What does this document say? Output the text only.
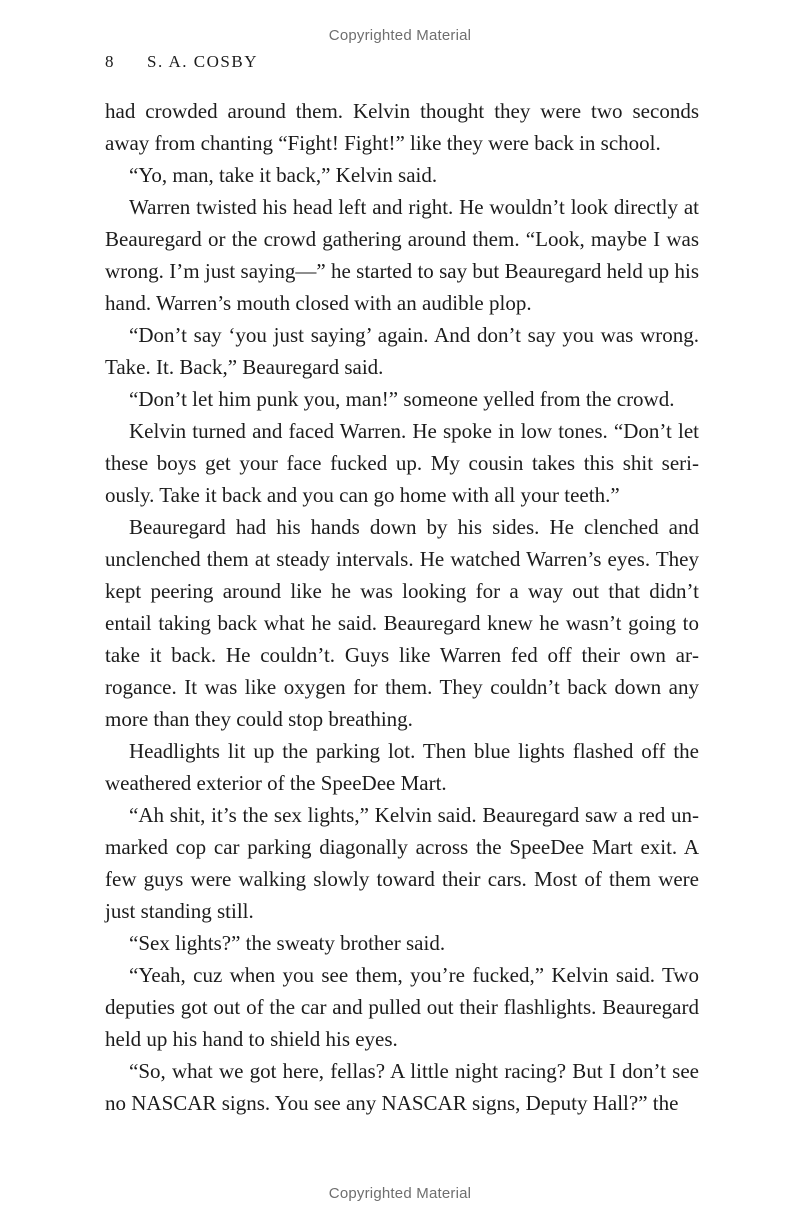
Copyrighted Material
8 S. A. COSBY

had crowded around them. Kelvin thought they were two seconds away from chanting “Fight! Fight!” like they were back in school.

“Yo, man, take it back,” Kelvin said.

Warren twisted his head left and right. He wouldn’t look directly at Beauregard or the crowd gathering around them. “Look, maybe I was wrong. I’m just saying—” he started to say but Beauregard held up his hand. Warren’s mouth closed with an audible plop.

“Don’t say ‘you just saying’ again. And don’t say you was wrong. Take. It. Back,” Beauregard said.

“Don’t let him punk you, man!” someone yelled from the crowd.

Kelvin turned and faced Warren. He spoke in low tones. “Don’t let these boys get your face fucked up. My cousin takes this shit seriously. Take it back and you can go home with all your teeth.”

Beauregard had his hands down by his sides. He clenched and unclenched them at steady intervals. He watched Warren’s eyes. They kept peering around like he was looking for a way out that didn’t entail taking back what he said. Beauregard knew he wasn’t going to take it back. He couldn’t. Guys like Warren fed off their own arrogance. It was like oxygen for them. They couldn’t back down any more than they could stop breathing.

Headlights lit up the parking lot. Then blue lights flashed off the weathered exterior of the SpeeDee Mart.

“Ah shit, it’s the sex lights,” Kelvin said. Beauregard saw a red unmarked cop car parking diagonally across the SpeeDee Mart exit. A few guys were walking slowly toward their cars. Most of them were just standing still.

“Sex lights?” the sweaty brother said.

“Yeah, cuz when you see them, you’re fucked,” Kelvin said. Two deputies got out of the car and pulled out their flashlights. Beauregard held up his hand to shield his eyes.

“So, what we got here, fellas? A little night racing? But I don’t see no NASCAR signs. You see any NASCAR signs, Deputy Hall?” the

Copyrighted Material
